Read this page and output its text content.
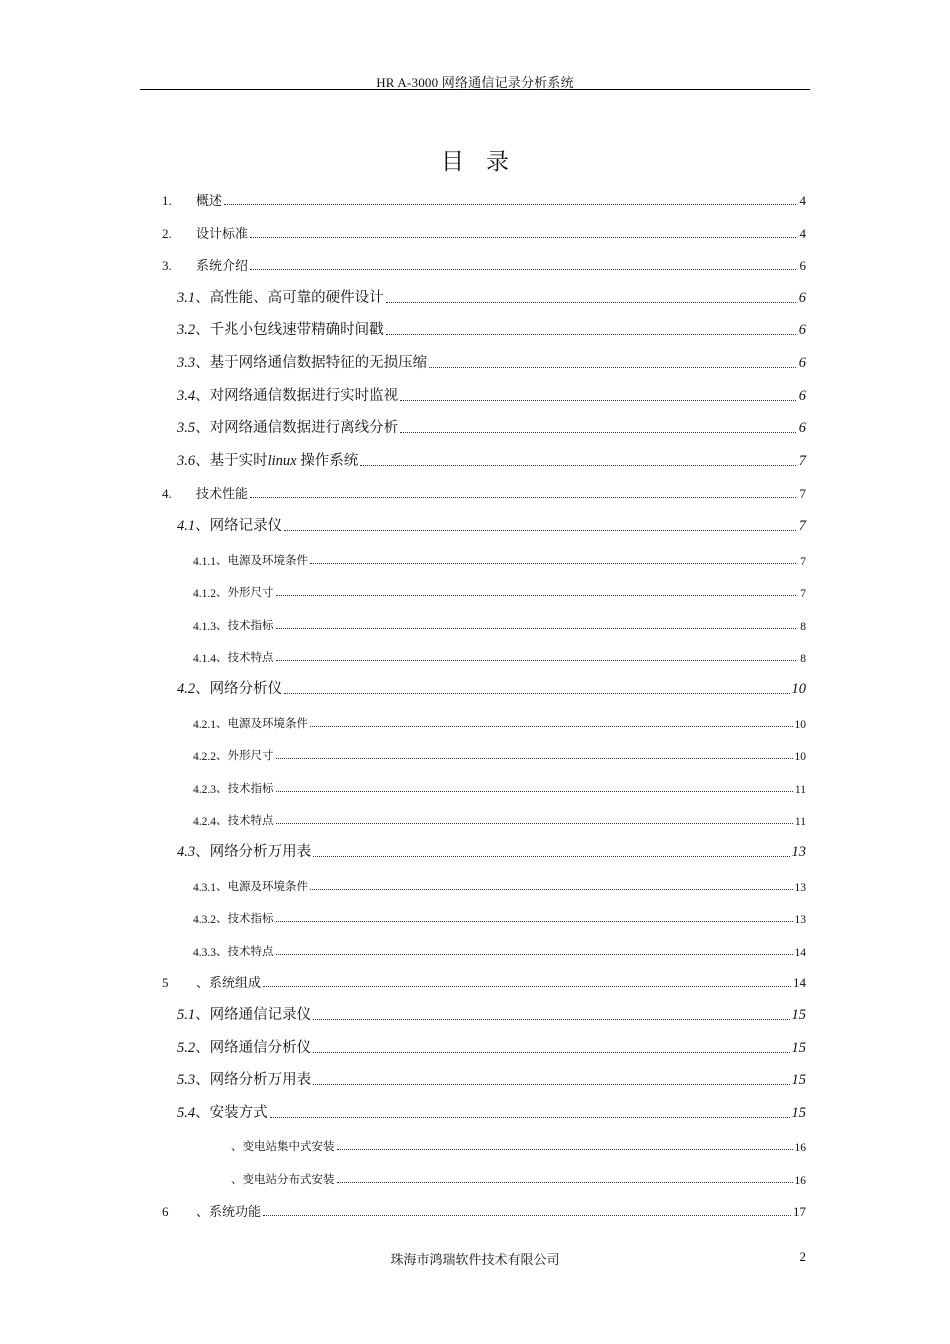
HR A-3000 网络通信记录分析系统
目录
1.	概述	4
2.	设计标准	4
3.	系统介绍	6
3.1 、高性能、高可靠的硬件设计	6
3.2 、千兆小包线速带精确时间戳	6
3.3 、基于网络通信数据特征的无损压缩	6
3.4 、对网络通信数据进行实时监视	6
3.5 、对网络通信数据进行离线分析	6
3.6 、基于实时linux 操作系统	7
4.	技术性能	7
4.1 、网络记录仪	7
4.1.1 、电源及环境条件	7
4.1.2 、外形尺寸	7
4.1.3 、技术指标	8
4.1.4 、技术特点	8
4.2 、网络分析仪	10
4.2.1 、电源及环境条件	10
4.2.2 、外形尺寸	10
4.2.3 、技术指标	11
4.2.4 、技术特点	11
4.3 、网络分析万用表	13
4.3.1 、电源及环境条件	13
4.3.2 、技术指标	13
4.3.3 、技术特点	14
5	、系统组成	14
5.1 、网络通信记录仪	15
5.2 、网络通信分析仪	15
5.3 、网络分析万用表	15
5.4 、安装方式	15
、变电站集中式安装	16
、变电站分布式安装	16
6	、系统功能	17
珠海市鸿瑞软件技术有限公司	2
